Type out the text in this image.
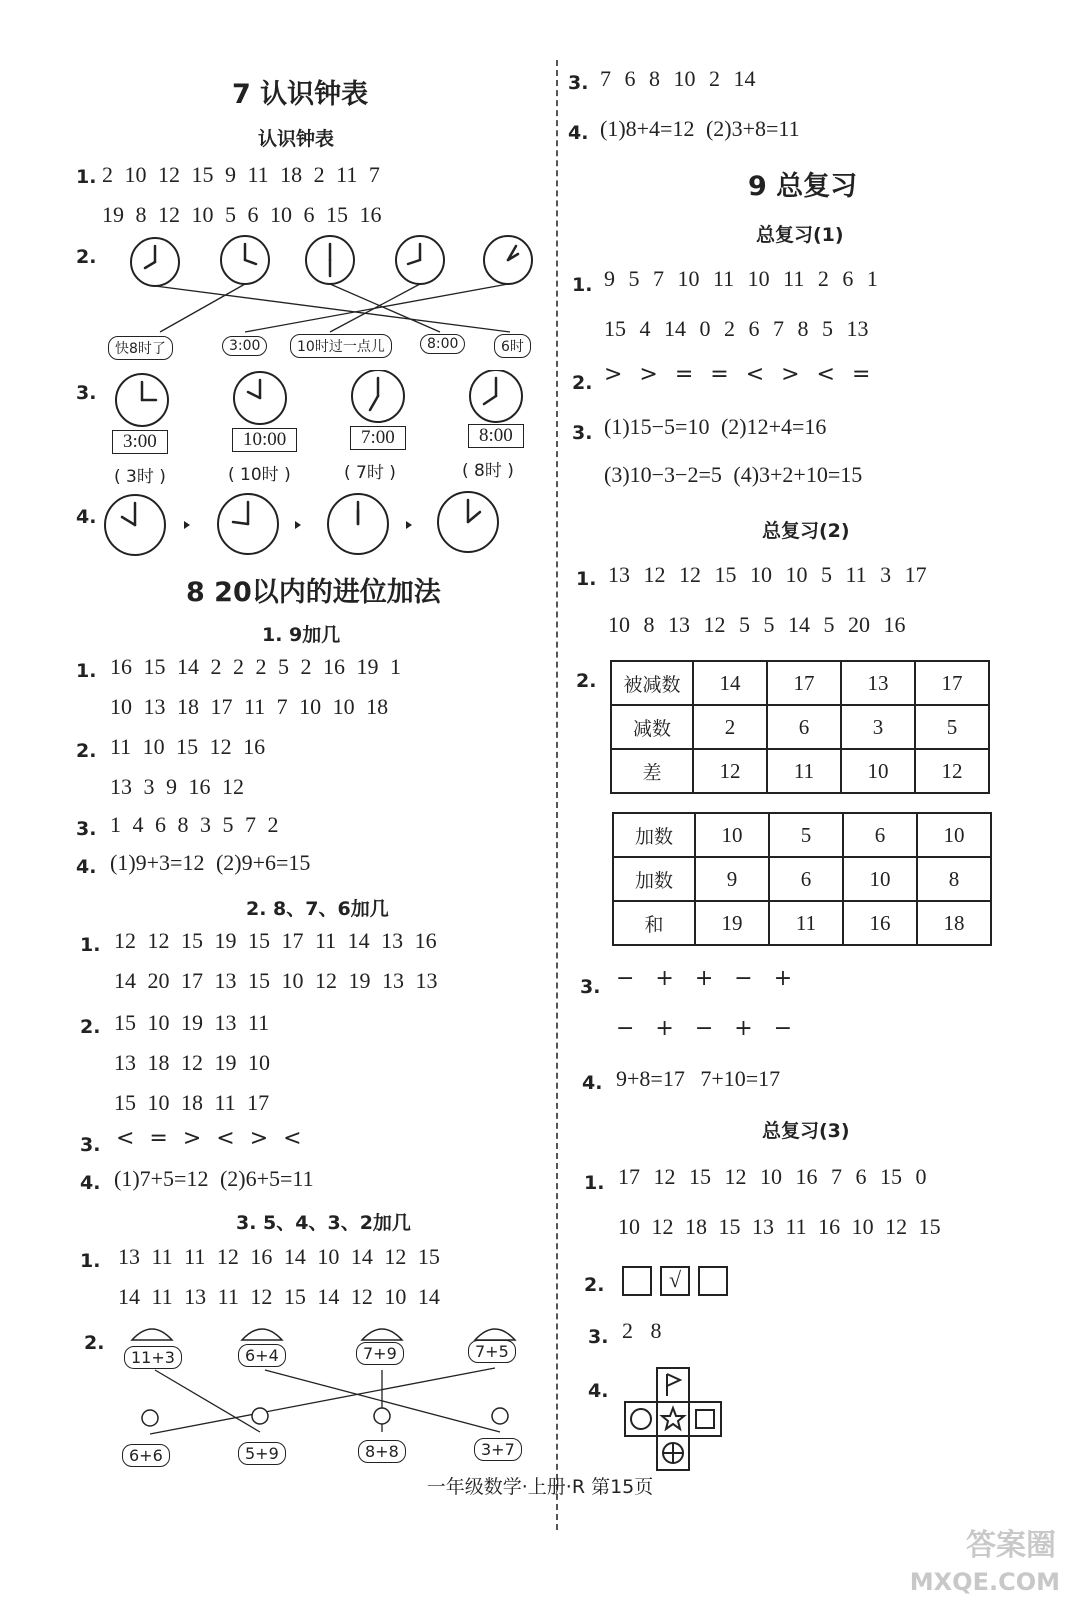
7 认识钟表
认识钟表
1. 2 10 12 15 9 11 18 2 11 7
19 8 12 10 5 6 10 6 15 16
2.
快8时了	3:00	10时过一点儿	8:00	6时
3.
3:00	10:00	7:00	8:00
( 3时 )	( 10时 )	( 7时 )	( 8时 )
4.
8 20以内的进位加法
1. 9加几
1. 16 15 14 2 2 2 5 2 16 19 1
10 13 18 17 11 7 10 10 18
2. 11 10 15 12 16
13 3 9 16 12
3. 1 4 6 8 3 5 7 2
4. (1)9+3=12 (2)9+6=15
2. 8、7、6加几
1. 12 12 15 19 15 17 11 14 13 16
14 20 17 13 15 10 12 19 13 13
2. 15 10 19 13 11
13 18 12 19 10
15 10 18 11 17
3. < = > < > <
4. (1)7+5=12 (2)6+5=11
3. 5、4、3、2加几
1. 13 11 11 12 16 14 10 14 12 15
14 11 13 11 12 15 14 12 10 14
2.
11+3	6+4	7+9	7+5
6+6	5+9	8+8	3+7
3. 7 6 8 10 2 14
4. (1)8+4=12 (2)3+8=11
9 总复习
总复习(1)
1. 9 5 7 10 11 10 11 2 6 1
15 4 14 0 2 6 7 8 5 13
2. > > = = < > < =
3. (1)15−5=10 (2)12+4=16
(3)10−3−2=5 (4)3+2+10=15
总复习(2)
1. 13 12 12 15 10 10 5 11 3 17
10 8 13 12 5 5 14 5 20 16
2. 被减数	14	17	13	17
减数	2	6	3	5
差	12	11	10	12
加数	10	5	6	10
加数	9	6	10	8
和	19	11	16	18
3. − + + − +
− + − + −
4. 9+8=17 7+10=17
总复习(3)
1. 17 12 15 12 10 16 7 6 15 0
10 12 18 15 13 11 16 10 12 15
2.	√
3. 2 8
4.
一年级数学·上册·R 第15页
答案圈
MXQE.COM
